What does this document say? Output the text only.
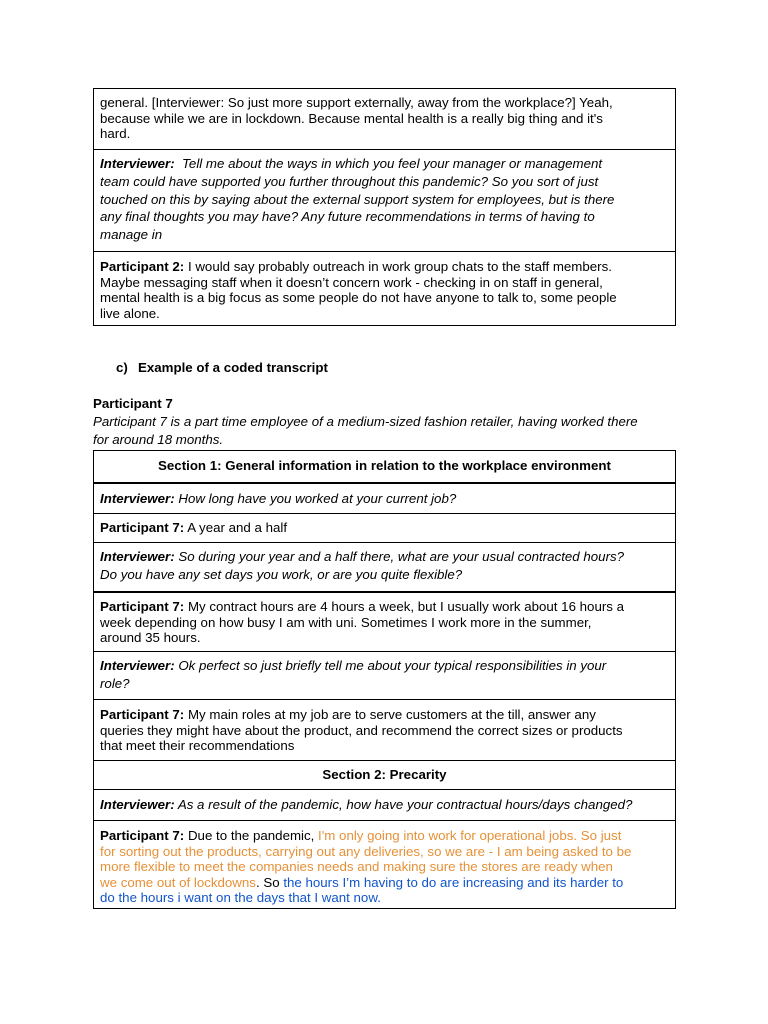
general. [Interviewer: So just more support externally, away from the workplace?] Yeah,
because while we are in lockdown. Because mental health is a really big thing and it's
hard.
Interviewer:  Tell me about the ways in which you feel your manager or management
team could have supported you further throughout this pandemic? So you sort of just
touched on this by saying about the external support system for employees, but is there
any final thoughts you may have? Any future recommendations in terms of having to
manage in
Participant 2: I would say probably outreach in work group chats to the staff members.
Maybe messaging staff when it doesn’t concern work - checking in on staff in general,
mental health is a big focus as some people do not have anyone to talk to, some people
live alone.
c) Example of a coded transcript
Participant 7
Participant 7 is a part time employee of a medium-sized fashion retailer, having worked there
for around 18 months.
Section 1: General information in relation to the workplace environment
Interviewer: How long have you worked at your current job?
Participant 7: A year and a half
Interviewer: So during your year and a half there, what are your usual contracted hours?
Do you have any set days you work, or are you quite flexible?
Participant 7: My contract hours are 4 hours a week, but I usually work about 16 hours a
week depending on how busy I am with uni. Sometimes I work more in the summer,
around 35 hours.
Interviewer: Ok perfect so just briefly tell me about your typical responsibilities in your
role?
Participant 7: My main roles at my job are to serve customers at the till, answer any
queries they might have about the product, and recommend the correct sizes or products
that meet their recommendations
Section 2: Precarity
Interviewer: As a result of the pandemic, how have your contractual hours/days changed?
Participant 7: Due to the pandemic, I'm only going into work for operational jobs. So just
for sorting out the products, carrying out any deliveries, so we are - I am being asked to be
more flexible to meet the companies needs and making sure the stores are ready when
we come out of lockdowns. So the hours I’m having to do are increasing and its harder to
do the hours i want on the days that I want now.
